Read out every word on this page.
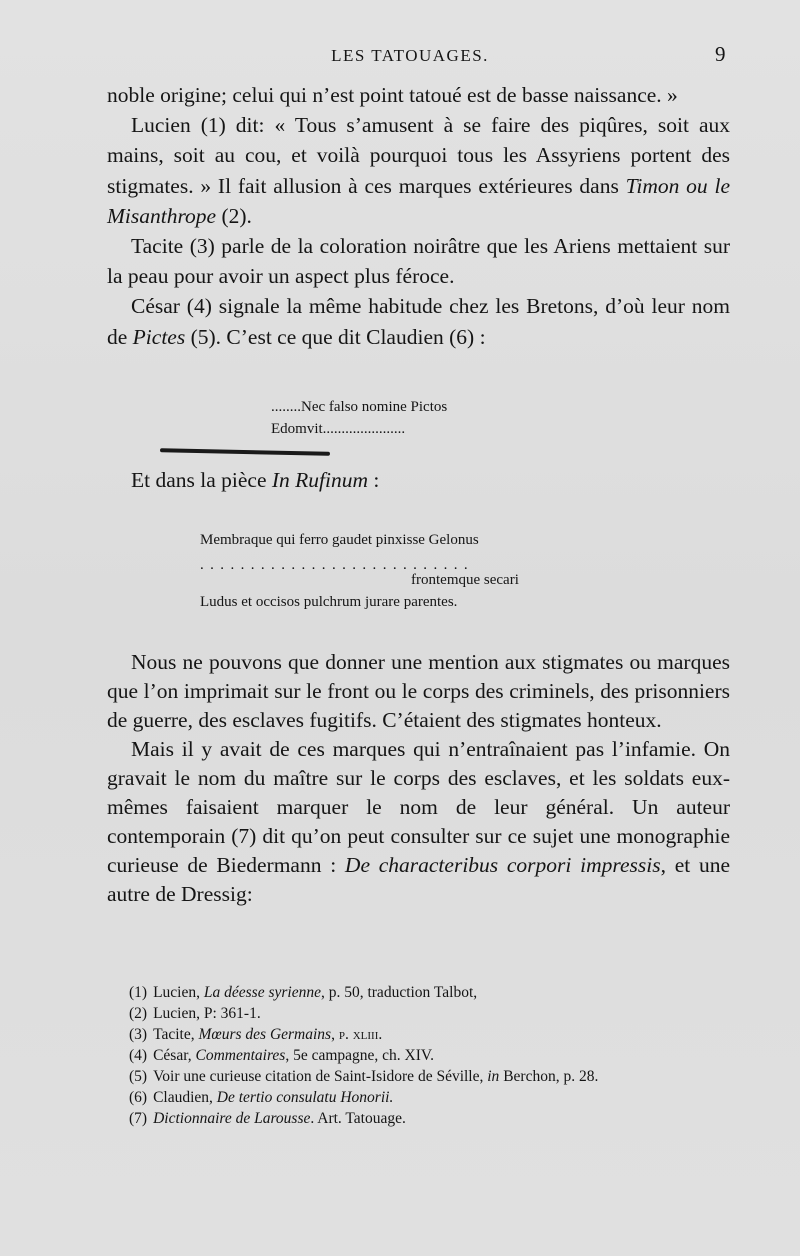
LES TATOUAGES.	9

noble origine; celui qui n’est point tatoué est de basse naissance. »

Lucien (1) dit: « Tous s’amusent à se faire des piqûres, soit aux mains, soit au cou, et voilà pourquoi tous les Assyriens portent des stigmates. » Il fait allusion à ces marques extérieures dans Timon ou le Misanthrope (2).

Tacite (3) parle de la coloration noirâtre que les Ariens mettaient sur la peau pour avoir un aspect plus féroce.

César (4) signale la même habitude chez les Bretons, d’où leur nom de Pictes (5). C’est ce que dit Claudien (6) :

........Nec falso nomine Pictos
Edomvit......................
Et dans la pièce In Rufinum :
Membraque qui ferro gaudet pinxisse Gelonus
...........................
frontemque secari
Ludus et occisos pulchrum jurare parentes.

Nous ne pouvons que donner une mention aux stigmates ou marques que l’on imprimait sur le front ou le corps des criminels, des prisonniers de guerre, des esclaves fugitifs. C’étaient des stigmates honteux.

Mais il y avait de ces marques qui n’entraînaient pas l’infamie. On gravait le nom du maître sur le corps des esclaves, et les soldats eux-mêmes faisaient marquer le nom de leur général. Un auteur contemporain (7) dit qu’on peut consulter sur ce sujet une monographie curieuse de Biedermann : De characteribus corpori impressis, et une autre de Dressig:

(1) Lucien, La déesse syrienne, p. 50, traduction Talbot,

(2) Lucien, P: 361-1.

(3) Tacite, Mœurs des Germains, p. xliii.

(4) César, Commentaires, 5e campagne, ch. XIV.

(5) Voir une curieuse citation de Saint-Isidore de Séville, in Berchon, p. 28.

(6) Claudien, De tertio consulatu Honorii.

(7) Dictionnaire de Larousse. Art. Tatouage.
